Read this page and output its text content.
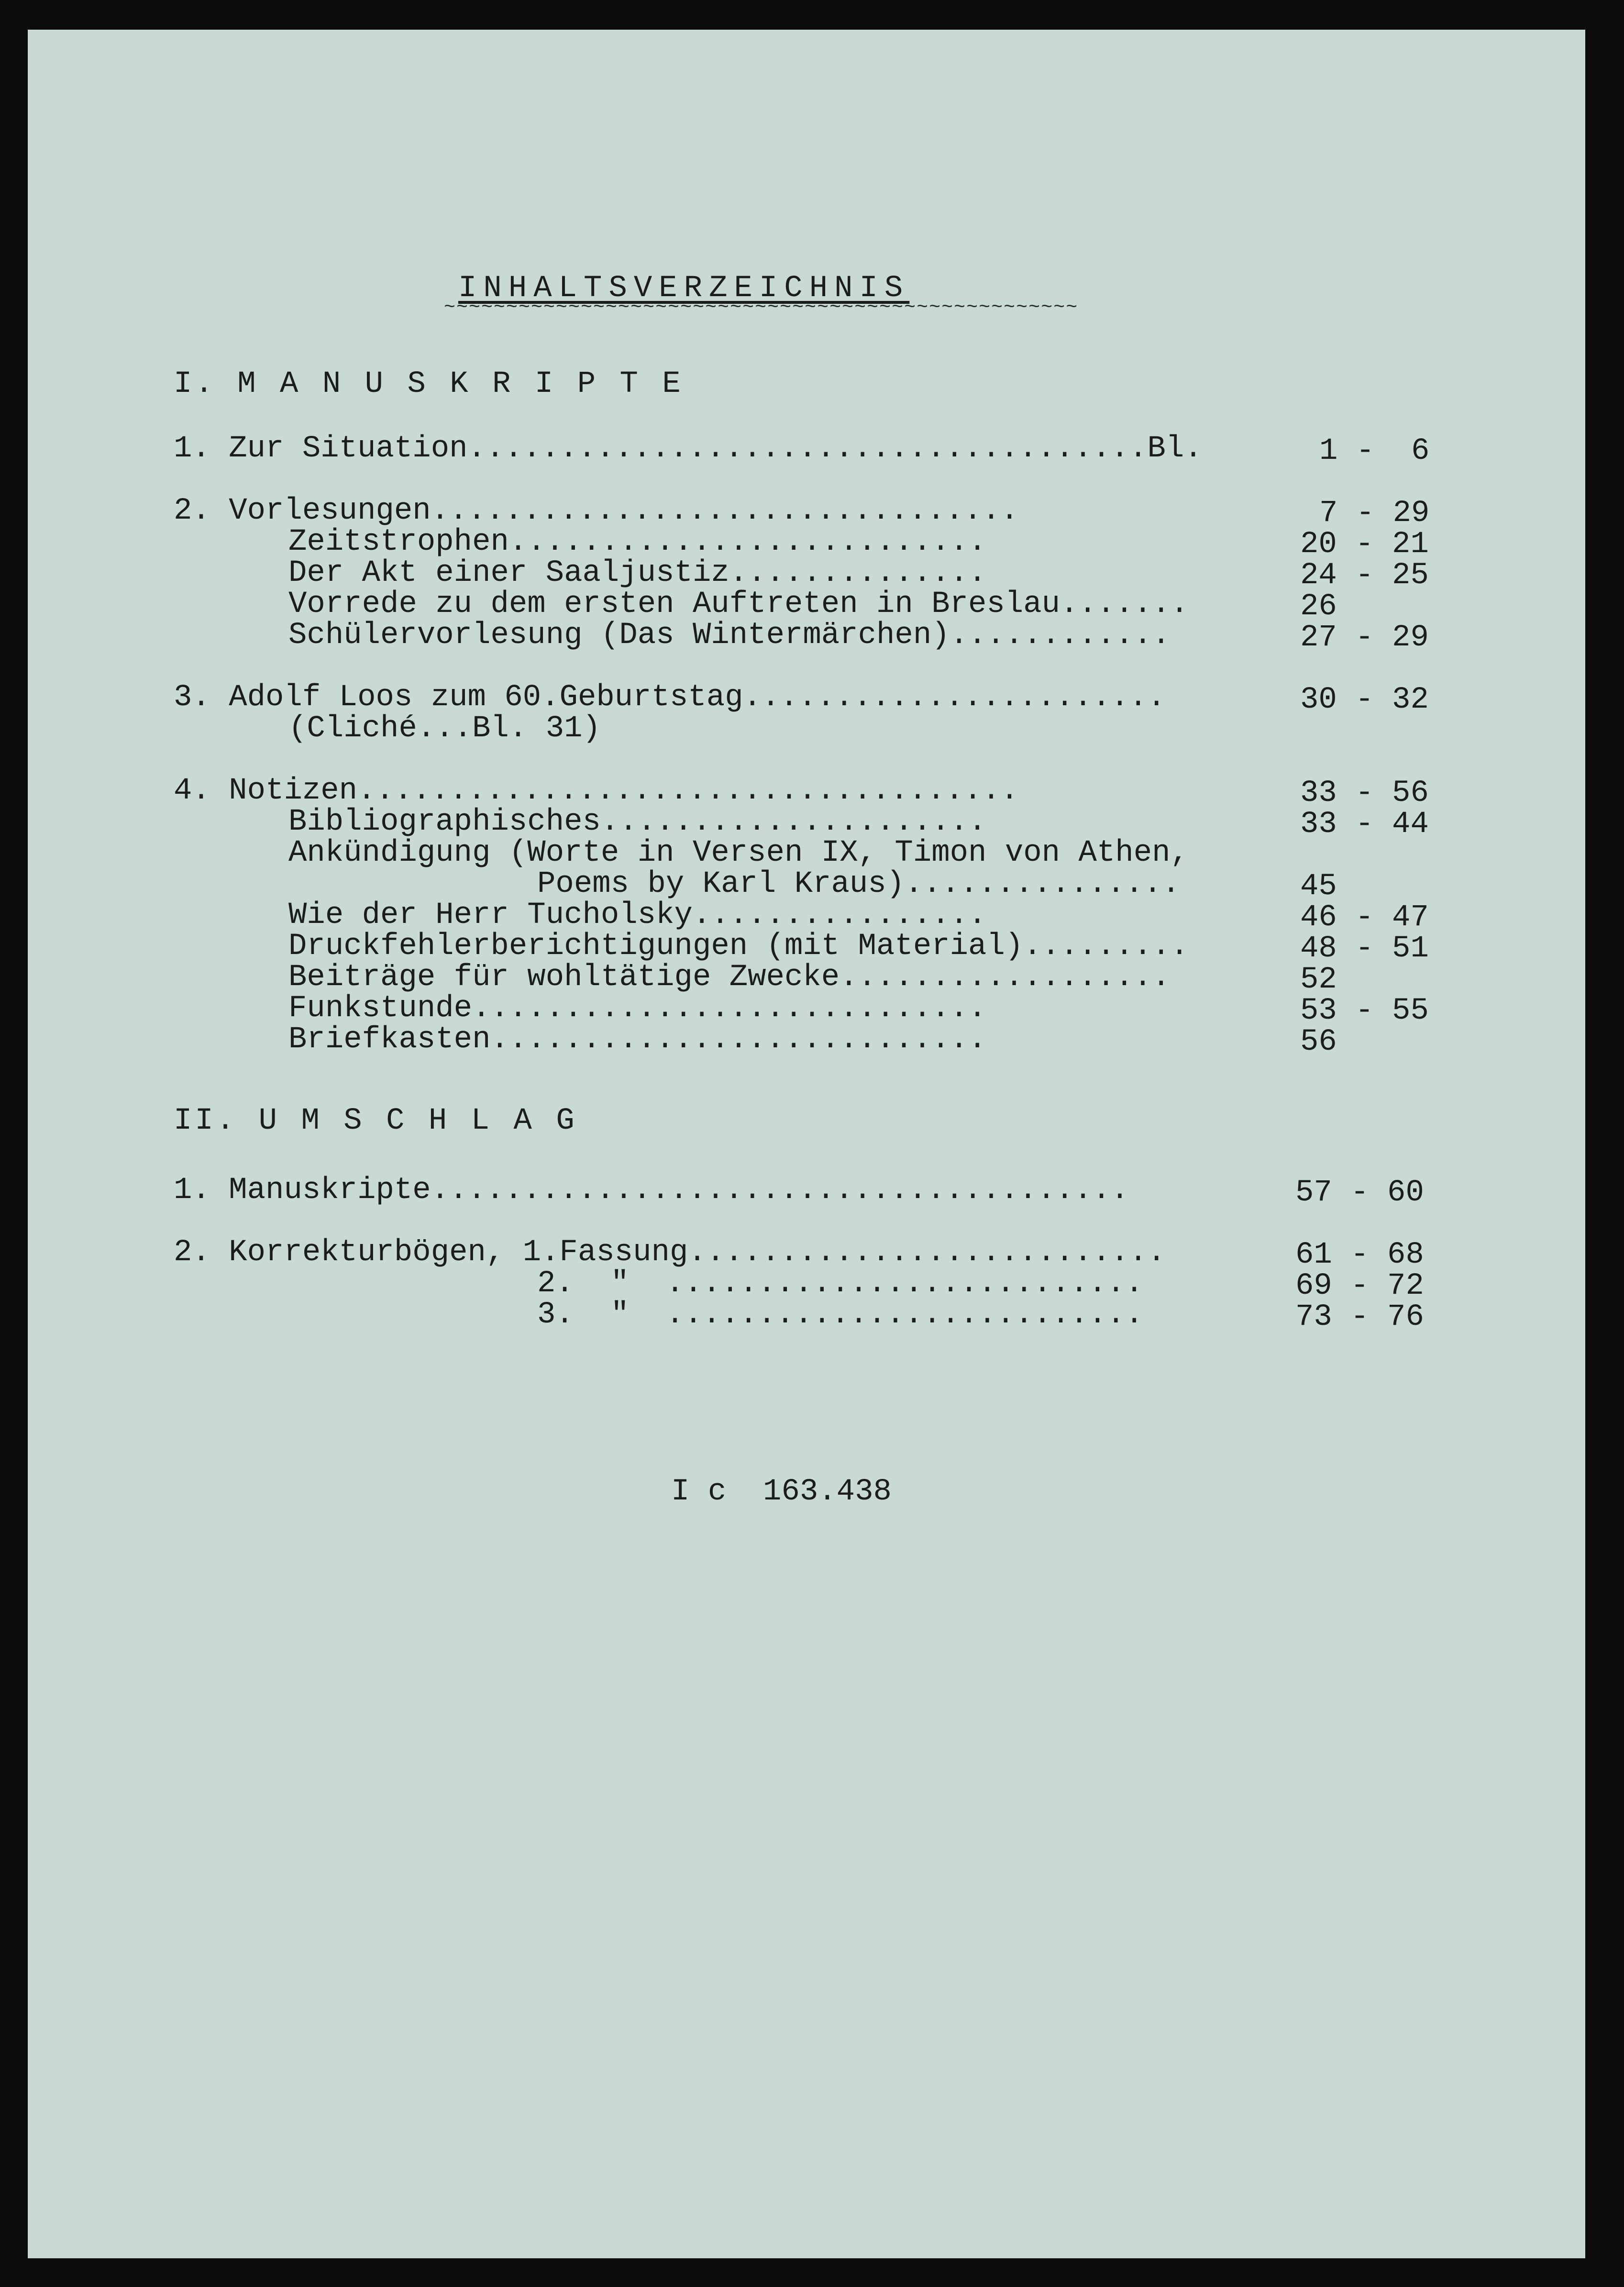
INHALTSVERZEICHNIS
~~~~~~~~~~~~~~~~~~~~~~~~~~~~~~~~~~~~~~~~~~~~~~~~~~~
I. M A N U S K R I P T E
1. Zur Situation.....................................Bl.	1 -  6
2. Vorlesungen................................	7 - 29
Zeitstrophen..........................	20 - 21
Der Akt einer Saaljustiz..............	24 - 25
Vorrede zu dem ersten Auftreten in Breslau.......	26
Schülervorlesung (Das Wintermärchen)............	27 - 29
3. Adolf Loos zum 60.Geburtstag.......................	30 - 32
(Cliché...Bl. 31)
4. Notizen....................................	33 - 56
Bibliographisches.....................	33 - 44
Ankündigung (Worte in Versen IX, Timon von Athen,
Poems by Karl Kraus)...............	45
Wie der Herr Tucholsky................	46 - 47
Druckfehlerberichtigungen (mit Material).........	48 - 51
Beiträge für wohltätige Zwecke..................	52
Funkstunde............................	53 - 55
Briefkasten...........................	56
II. U M S C H L A G
1. Manuskripte......................................	57 - 60
2. Korrekturbögen, 1.Fassung..........................	61 - 68
2.  "  ..........................	69 - 72
3.  "  ..........................	73 - 76
I c  163.438
